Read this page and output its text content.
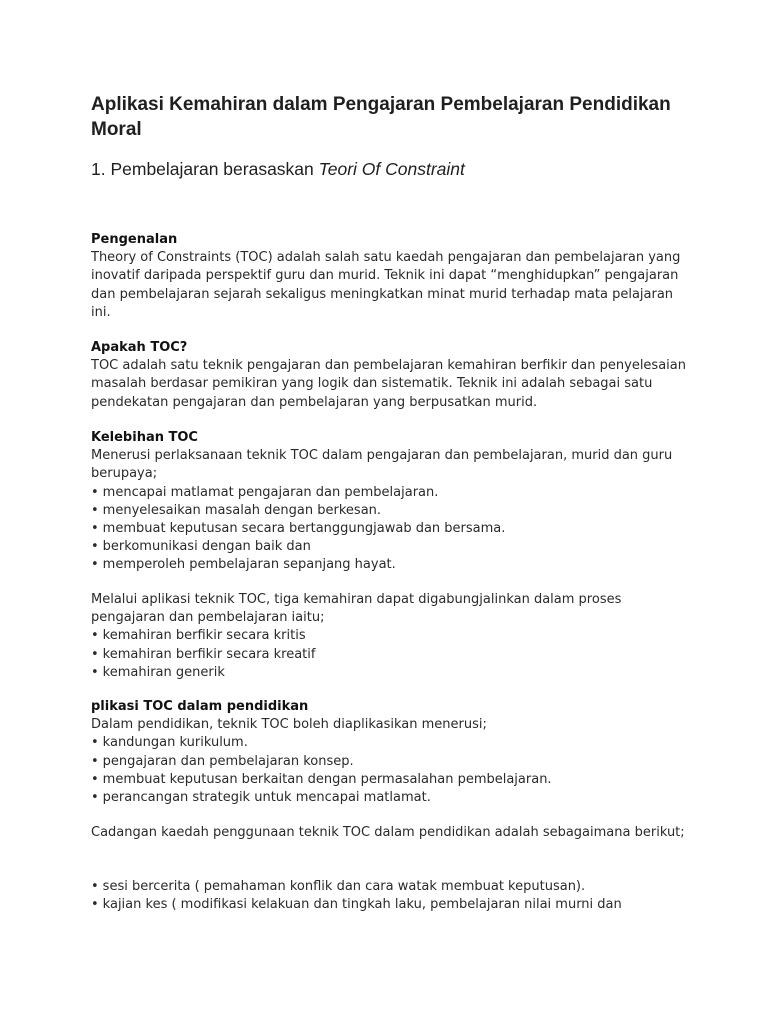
Aplikasi Kemahiran dalam Pengajaran Pembelajaran Pendidikan Moral
1. Pembelajaran berasaskan Teori Of Constraint

Pengenalan

Theory of Constraints (TOC) adalah salah satu kaedah pengajaran dan pembelajaran yang inovatif daripada perspektif guru dan murid. Teknik ini dapat “menghidupkan” pengajaran dan pembelajaran sejarah sekaligus meningkatkan minat murid terhadap mata pelajaran ini.

Apakah TOC?

TOC adalah satu teknik pengajaran dan pembelajaran kemahiran berfikir dan penyelesaian masalah berdasar pemikiran yang logik dan sistematik. Teknik ini adalah sebagai satu pendekatan pengajaran dan pembelajaran yang berpusatkan murid.

Kelebihan TOC

Menerusi perlaksanaan teknik TOC dalam pengajaran dan pembelajaran, murid dan guru berupaya;

• mencapai matlamat pengajaran dan pembelajaran.
• menyelesaikan masalah dengan berkesan.
• membuat keputusan secara bertanggungjawab dan bersama.
• berkomunikasi dengan baik dan
• memperoleh pembelajaran sepanjang hayat.

Melalui aplikasi teknik TOC, tiga kemahiran dapat digabungjalinkan dalam proses pengajaran dan pembelajaran iaitu;

• kemahiran berfikir secara kritis
• kemahiran berfikir secara kreatif
• kemahiran generik

plikasi TOC dalam pendidikan

Dalam pendidikan, teknik TOC boleh diaplikasikan menerusi;

• kandungan kurikulum.
• pengajaran dan pembelajaran konsep.
• membuat keputusan berkaitan dengan permasalahan pembelajaran.
• perancangan strategik untuk mencapai matlamat.

Cadangan kaedah penggunaan teknik TOC dalam pendidikan adalah sebagaimana berikut;

• sesi bercerita ( pemahaman konflik dan cara watak membuat keputusan).
• kajian kes ( modifikasi kelakuan dan tingkah laku, pembelajaran nilai murni dan
